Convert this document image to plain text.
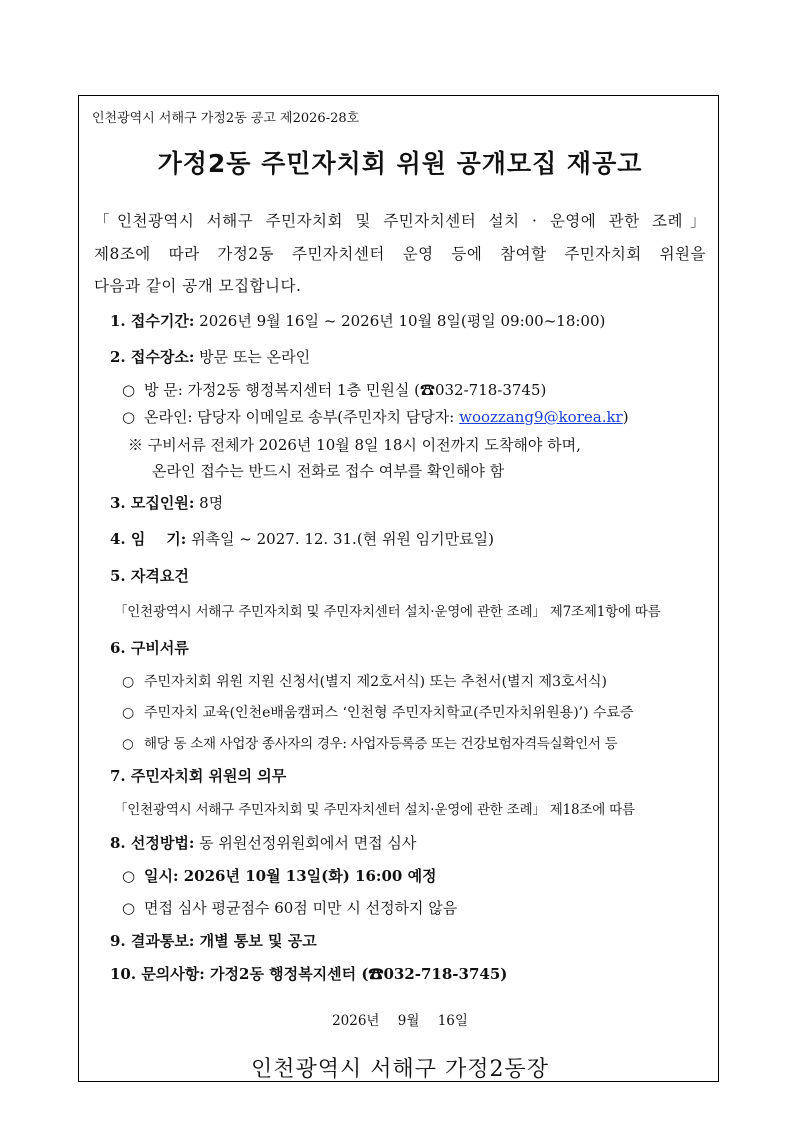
인천광역시 서해구 가정2동 공고 제2026-28호
가정2동 주민자치회 위원 공개모집 재공고
「인천광역시 서해구 주민자치회 및 주민자치센터 설치 · 운영에 관한 조례」
제8조에 따라 가정2동 주민자치센터 운영 등에 참여할 주민자치회 위원을
다음과 같이 공개 모집합니다.
1. 접수기간: 2026년 9월 16일 ~ 2026년 10월 8일(평일 09:00~18:00)
2. 접수장소: 방문 또는 온라인
○ 방 문: 가정2동 행정복지센터 1층 민원실 (☎032-718-3745)
○ 온라인: 담당자 이메일로 송부(주민자치 담당자: woozzang9@korea.kr)
※ 구비서류 전체가 2026년 10월 8일 18시 이전까지 도착해야 하며,
온라인 접수는 반드시 전화로 접수 여부를 확인해야 함
3. 모집인원: 8명
4. 임    기: 위촉일 ~ 2027. 12. 31.(현 위원 임기만료일)
5. 자격요건
「인천광역시 서해구 주민자치회 및 주민자치센터 설치·운영에 관한 조례」 제7조제1항에 따름
6. 구비서류
○ 주민자치회 위원 지원 신청서(별지 제2호서식) 또는 추천서(별지 제3호서식)
○ 주민자치 교육(인천e배움캠퍼스 ‘인천형 주민자치학교(주민자치위원용)’) 수료증
○ 해당 동 소재 사업장 종사자의 경우: 사업자등록증 또는 건강보험자격득실확인서 등
7. 주민자치회 위원의 의무
「인천광역시 서해구 주민자치회 및 주민자치센터 설치·운영에 관한 조례」 제18조에 따름
8. 선정방법: 동 위원선정위원회에서 면접 심사
○ 일시: 2026년 10월 13일(화) 16:00 예정
○ 면접 심사 평균점수 60점 미만 시 선정하지 않음
9. 결과통보: 개별 통보 및 공고
10. 문의사항: 가정2동 행정복지센터 (☎032-718-3745)
2026년 9월 16일
인천광역시 서해구 가정2동장
